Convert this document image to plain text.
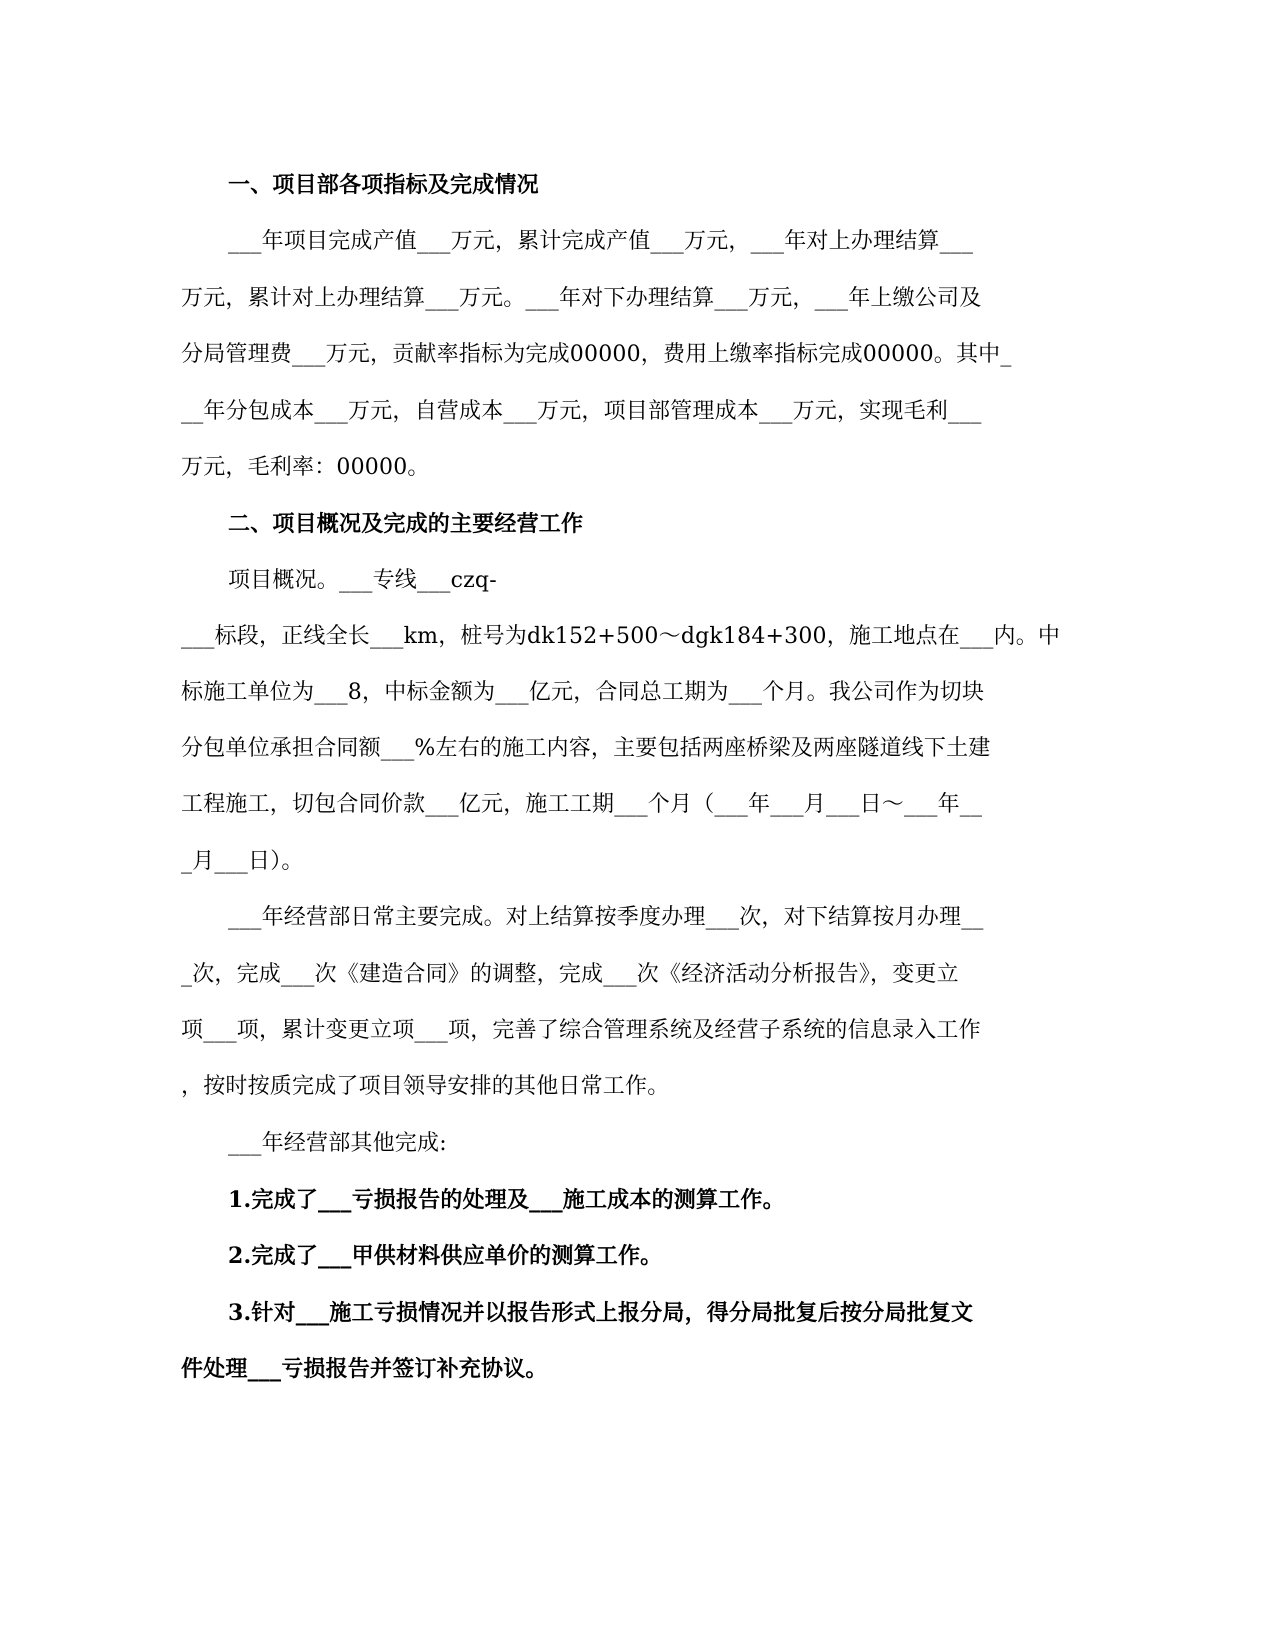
一、项目部各项指标及完成情况
___年项目完成产值___万元，累计完成产值___万元，___年对上办理结算___
万元，累计对上办理结算___万元。___年对下办理结算___万元，___年上缴公司及
分局管理费___万元，贡献率指标为完成00000，费用上缴率指标完成00000。其中_
__年分包成本___万元，自营成本___万元，项目部管理成本___万元，实现毛利___
万元，毛利率：00000。
二、项目概况及完成的主要经营工作
项目概况。___专线___czq-
___标段，正线全长___km，桩号为dk152+500～dgk184+300，施工地点在___内。中
标施工单位为___8，中标金额为___亿元，合同总工期为___个月。我公司作为切块
分包单位承担合同额___%左右的施工内容，主要包括两座桥梁及两座隧道线下土建
工程施工，切包合同价款___亿元，施工工期___个月（___年___月___日～___年__
_月___日）。
___年经营部日常主要完成。对上结算按季度办理___次，对下结算按月办理__
_次，完成___次《建造合同》的调整，完成___次《经济活动分析报告》，变更立
项___项，累计变更立项___项，完善了综合管理系统及经营子系统的信息录入工作
，按时按质完成了项目领导安排的其他日常工作。
___年经营部其他完成:
1.完成了___亏损报告的处理及___施工成本的测算工作。
2.完成了___甲供材料供应单价的测算工作。
3.针对___施工亏损情况并以报告形式上报分局，得分局批复后按分局批复文
件处理___亏损报告并签订补充协议。
